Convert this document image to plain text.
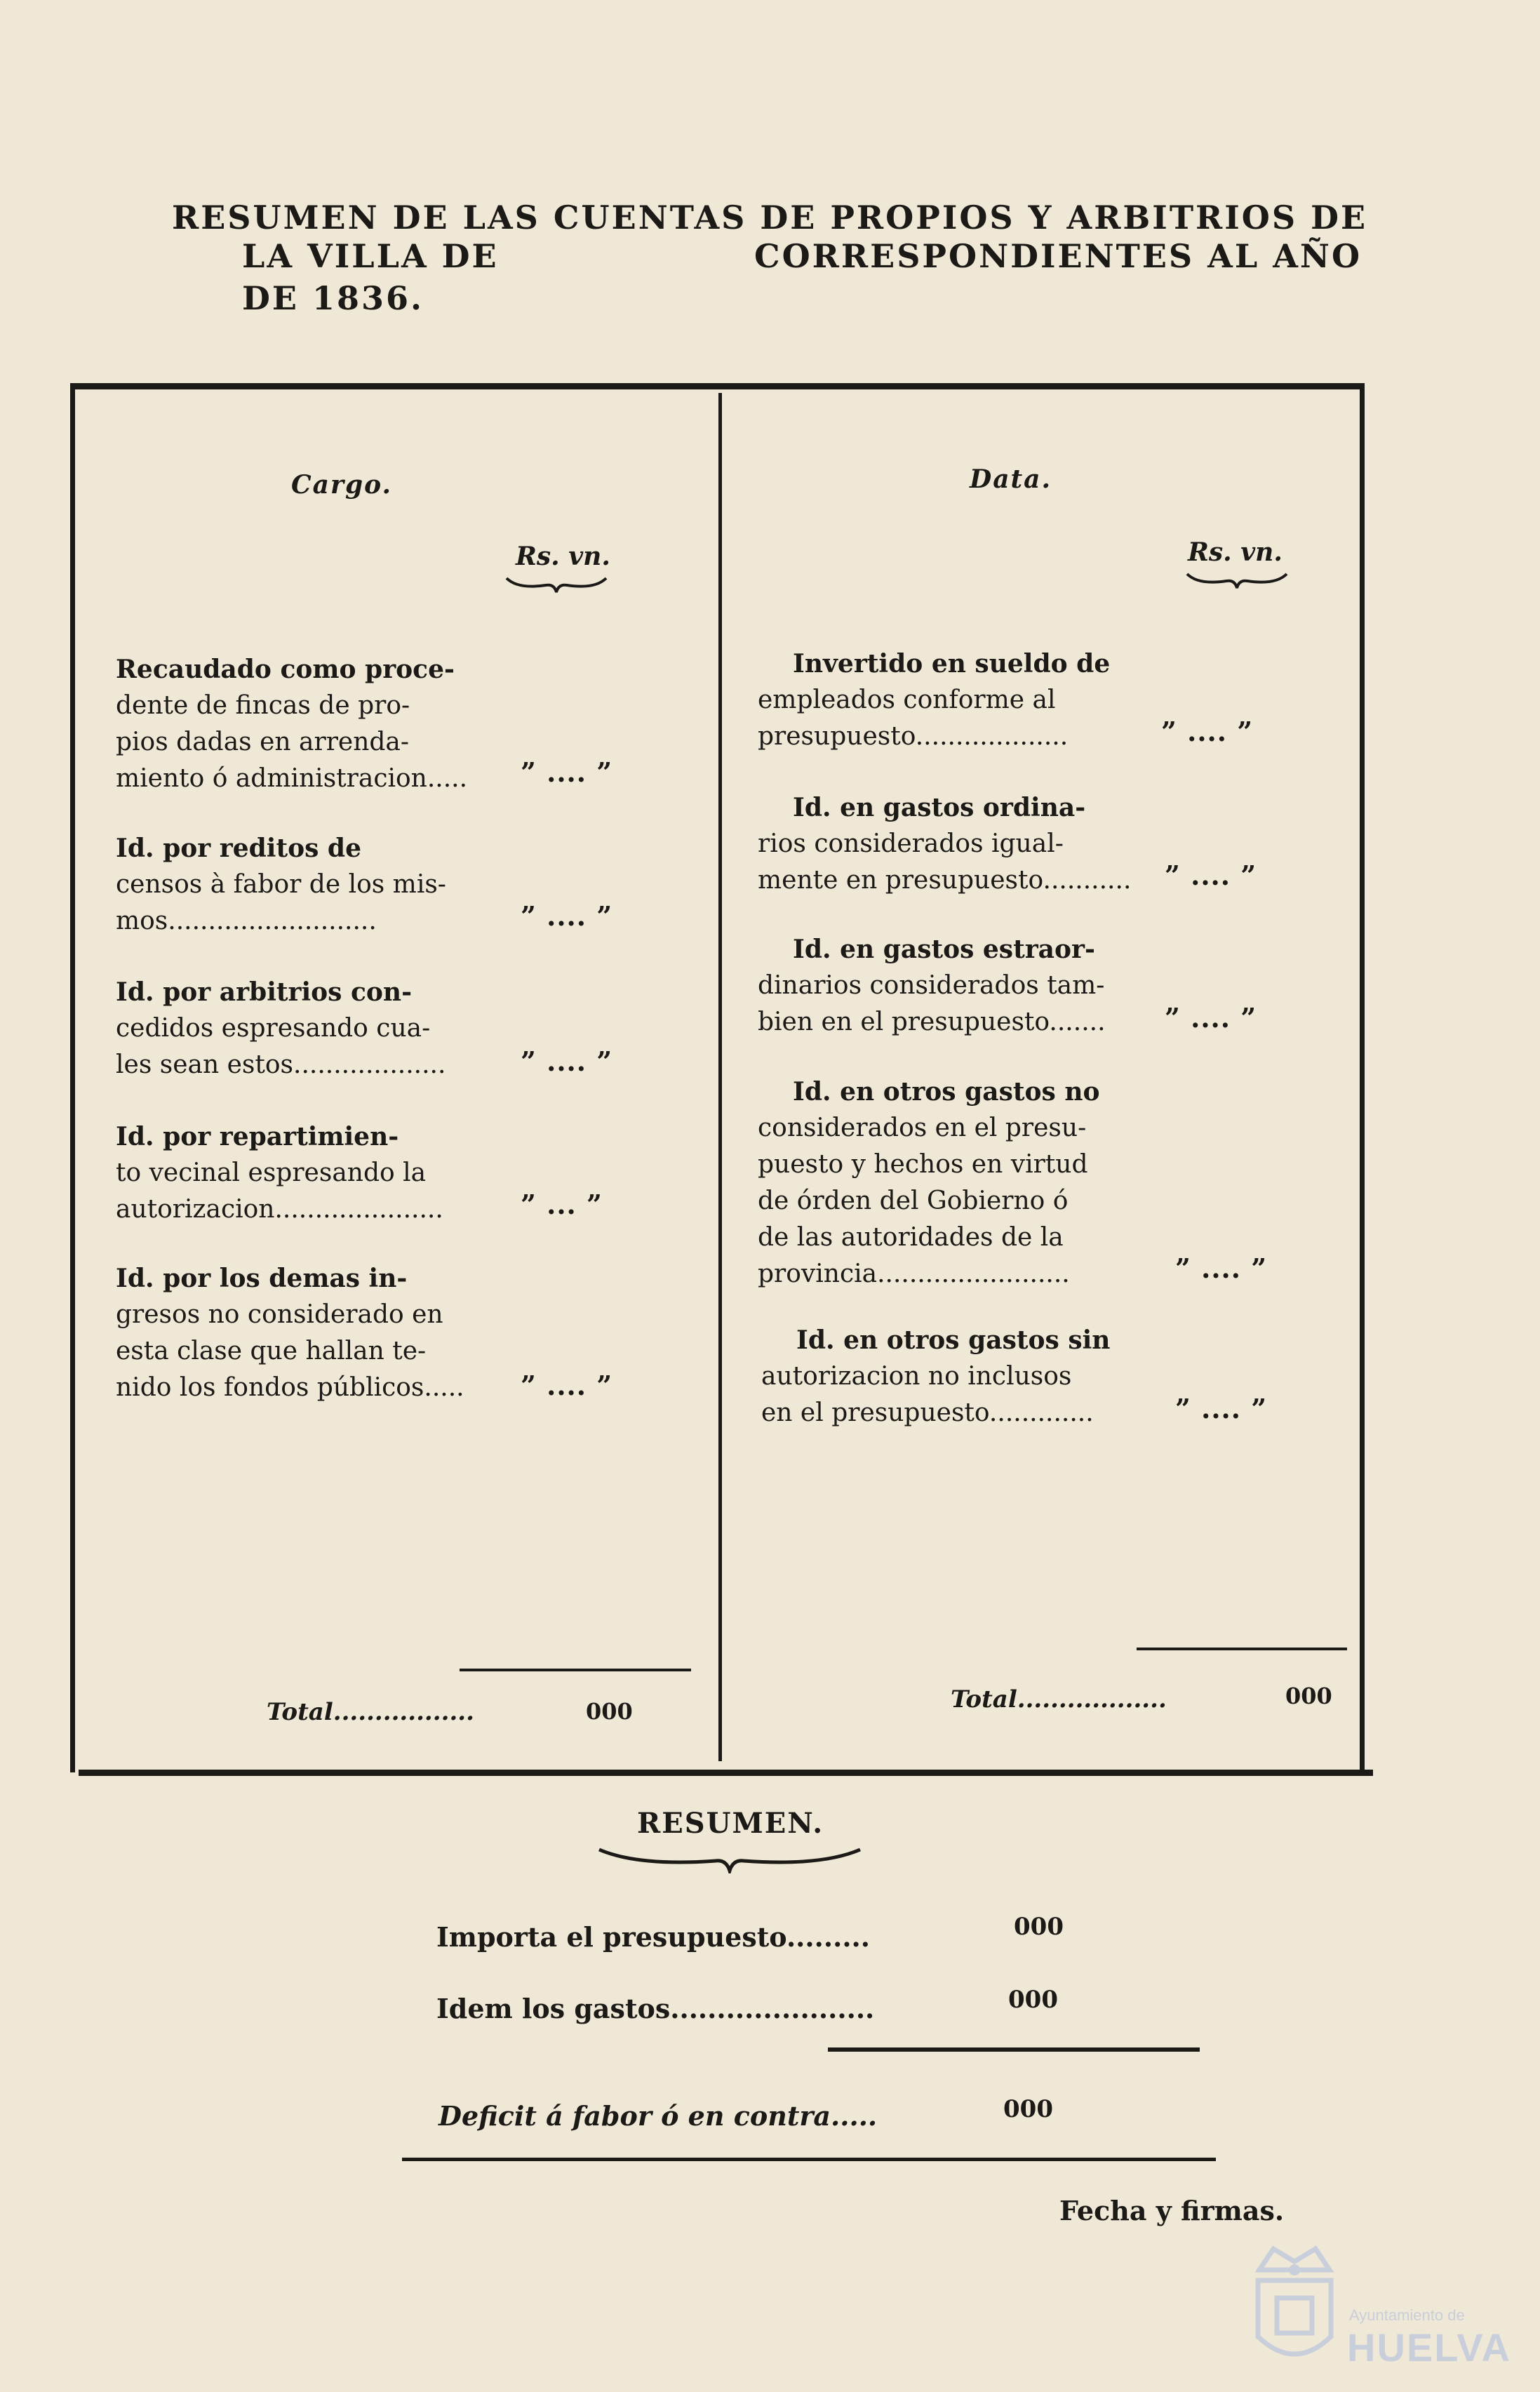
RESUMEN DE LAS CUENTAS DE PROPIOS Y ARBITRIOS DE
LA VILLA DE	CORRESPONDIENTES AL AÑO
DE 1836.
Cargo.
Rs. vn.

Recaudado como proce-

dente de fincas de pro-

pios dadas en arrenda-

miento ó administracion..... ” .... ”

Id. por reditos de

censos à fabor de los mis-

mos..........................	” .... ”

Id. por arbitrios con-

cedidos espresando cua-

les sean estos...................	” .... ”

Id. por repartimien-

to vecinal espresando la

autorizacion.....................	” ... ”

Id. por los demas in-

gresos no considerado en

esta clase que hallan te-

nido los fondos públicos..... ” .... ”
Total.................	000
Data.
Rs. vn.

Invertido en sueldo de

empleados conforme al

presupuesto...................	” .... ”

Id. en gastos ordina-

rios considerados igual-

mente en presupuesto........... ” .... ”

Id. en gastos estraor-

dinarios considerados tam-

bien en el presupuesto....... ” .... ”

Id. en otros gastos no

considerados en el presu-

puesto y hechos en virtud

de órden del Gobierno ó

de las autoridades de la

provincia........................	” .... ”

Id. en otros gastos sin

autorizacion no inclusos

en el presupuesto.............	” .... ”
Total..................	000
RESUMEN.
Importa el presupuesto.........	000
Idem los gastos......................	000
Deficit á fabor ó en contra.....	000
Fecha y firmas.
Ayuntamiento de
HUELVA
